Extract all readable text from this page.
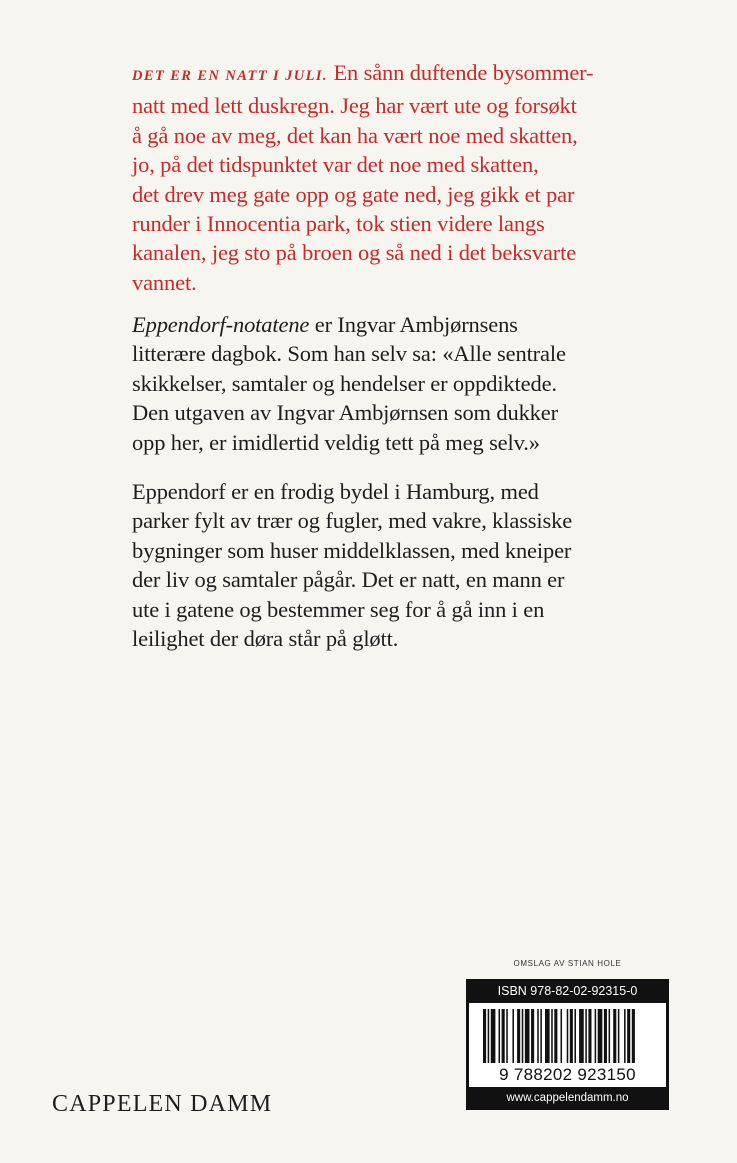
DET ER EN NATT I JULI. En sånn duftende bysommer-
natt med lett duskregn. Jeg har vært ute og forsøkt
å gå noe av meg, det kan ha vært noe med skatten,
jo, på det tidspunktet var det noe med skatten,
det drev meg gate opp og gate ned, jeg gikk et par
runder i Innocentia park, tok stien videre langs
kanalen, jeg sto på broen og så ned i det beksvarte
vannet.
Eppendorf-notatene er Ingvar Ambjørnsens
litterære dagbok. Som han selv sa: «Alle sentrale
skikkelser, samtaler og hendelser er oppdiktede.
Den utgaven av Ingvar Ambjørnsen som dukker
opp her, er imidlertid veldig tett på meg selv.»
Eppendorf er en frodig bydel i Hamburg, med
parker fylt av trær og fugler, med vakre, klassiske
bygninger som huser middelklassen, med kneiper
der liv og samtaler pågår. Det er natt, en mann er
ute i gatene og bestemmer seg for å gå inn i en
leilighet der døra står på gløtt.
CAPPELEN DAMM
OMSLAG AV STIAN HOLE
ISBN 978-82-02-92315-0
9 788202 923150
www.cappelendamm.no
